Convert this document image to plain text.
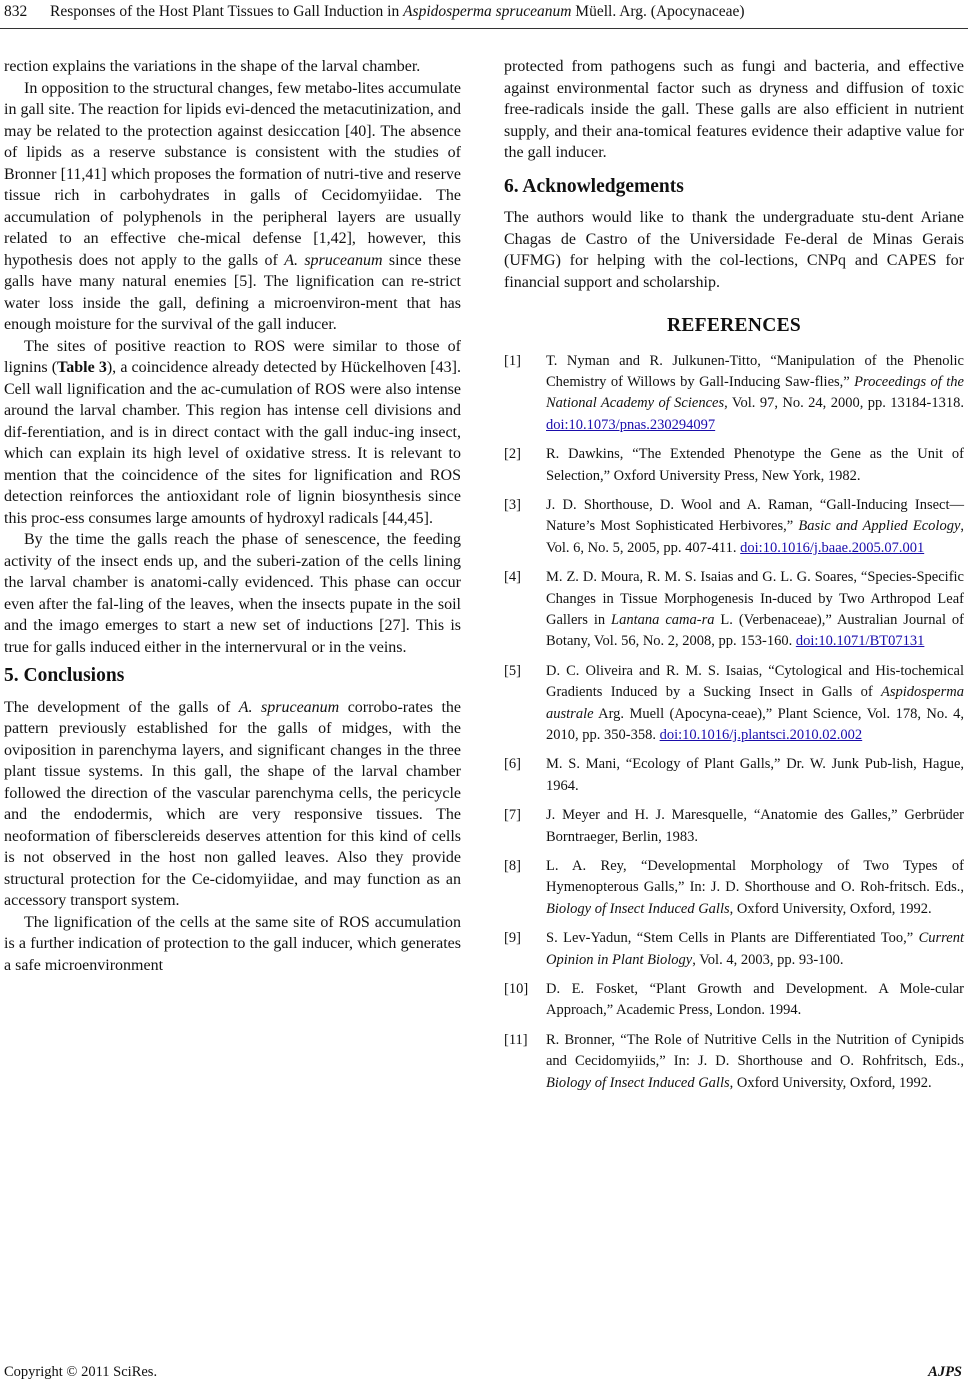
832 Responses of the Host Plant Tissues to Gall Induction in Aspidosperma spruceanum Müell. Arg. (Apocynaceae)

rection explains the variations in the shape of the larval chamber.

In opposition to the structural changes, few metabo-lites accumulate in gall site. The reaction for lipids evi-denced the metacutinization, and may be related to the protection against desiccation [40]. The absence of lipids as a reserve substance is consistent with the studies of Bronner [11,41] which proposes the formation of nutri-tive and reserve tissue rich in carbohydrates in galls of Cecidomyiidae. The accumulation of polyphenols in the peripheral layers are usually related to an effective che-mical defense [1,42], however, this hypothesis does not apply to the galls of A. spruceanum since these galls have many natural enemies [5]. The lignification can re-strict water loss inside the gall, defining a microenviron-ment that has enough moisture for the survival of the gall inducer.

The sites of positive reaction to ROS were similar to those of lignins (Table 3), a coincidence already detected by Hückelhoven [43]. Cell wall lignification and the ac-cumulation of ROS were also intense around the larval chamber. This region has intense cell divisions and dif-ferentiation, and is in direct contact with the gall induc-ing insect, which can explain its high level of oxidative stress. It is relevant to mention that the coincidence of the sites for lignification and ROS detection reinforces the antioxidant role of lignin biosynthesis since this proc-ess consumes large amounts of hydroxyl radicals [44,45].

By the time the galls reach the phase of senescence, the feeding activity of the insect ends up, and the suberi-zation of the cells lining the larval chamber is anatomi-cally evidenced. This phase can occur even after the fal-ling of the leaves, when the insects pupate in the soil and the imago emerges to start a new set of inductions [27]. This is true for galls induced either in the internervural or in the veins.

5. Conclusions

The development of the galls of A. spruceanum corrobo-rates the pattern previously established for the galls of midges, with the oviposition in parenchyma layers, and significant changes in the three plant tissue systems. In this gall, the shape of the larval chamber followed the direction of the vascular parenchyma cells, the pericycle and the endodermis, which are very responsive tissues. The neoformation of fibersclereids deserves attention for this kind of cells is not observed in the host non galled leaves. Also they provide structural protection for the Ce-cidomyiidae, and may function as an accessory transport system.

The lignification of the cells at the same site of ROS accumulation is a further indication of protection to the gall inducer, which generates a safe microenvironment

protected from pathogens such as fungi and bacteria, and effective against environmental factor such as dryness and diffusion of toxic free-radicals inside the gall. These galls are also efficient in nutrient supply, and their ana-tomical features evidence their adaptive value for the gall inducer.

6. Acknowledgements

The authors would like to thank the undergraduate stu-dent Ariane Chagas de Castro of the Universidade Fe-deral de Minas Gerais (UFMG) for helping with the col-lections, CNPq and CAPES for financial support and scholarship.

REFERENCES
[1] T. Nyman and R. Julkunen-Titto, “Manipulation of the Phenolic Chemistry of Willows by Gall-Inducing Saw-flies,” Proceedings of the National Academy of Sciences, Vol. 97, No. 24, 2000, pp. 13184-1318. doi:10.1073/pnas.230294097
[2] R. Dawkins, “The Extended Phenotype the Gene as the Unit of Selection,” Oxford University Press, New York, 1982.
[3] J. D. Shorthouse, D. Wool and A. Raman, “Gall-Inducing Insect—Nature’s Most Sophisticated Herbivores,” Basic and Applied Ecology, Vol. 6, No. 5, 2005, pp. 407-411. doi:10.1016/j.baae.2005.07.001
[4] M. Z. D. Moura, R. M. S. Isaias and G. L. G. Soares, “Species-Specific Changes in Tissue Morphogenesis In-duced by Two Arthropod Leaf Gallers in Lantana cama-ra L. (Verbenaceae),” Australian Journal of Botany, Vol. 56, No. 2, 2008, pp. 153-160. doi:10.1071/BT07131
[5] D. C. Oliveira and R. M. S. Isaias, “Cytological and His-tochemical Gradients Induced by a Sucking Insect in Galls of Aspidosperma australe Arg. Muell (Apocyna-ceae),” Plant Science, Vol. 178, No. 4, 2010, pp. 350-358. doi:10.1016/j.plantsci.2010.02.002
[6] M. S. Mani, “Ecology of Plant Galls,” Dr. W. Junk Pub-lish, Hague, 1964.
[7] J. Meyer and H. J. Maresquelle, “Anatomie des Galles,” Gerbrüder Borntraeger, Berlin, 1983.
[8] L. A. Rey, “Developmental Morphology of Two Types of Hymenopterous Galls,” In: J. D. Shorthouse and O. Roh-fritsch. Eds., Biology of Insect Induced Galls, Oxford University, Oxford, 1992.
[9] S. Lev-Yadun, “Stem Cells in Plants are Differentiated Too,” Current Opinion in Plant Biology, Vol. 4, 2003, pp. 93-100.
[10] D. E. Fosket, “Plant Growth and Development. A Mole-cular Approach,” Academic Press, London. 1994.
[11] R. Bronner, “The Role of Nutritive Cells in the Nutrition of Cynipids and Cecidomyiids,” In: J. D. Shorthouse and O. Rohfritsch, Eds., Biology of Insect Induced Galls, Oxford University, Oxford, 1992.
Copyright © 2011 SciRes.	AJPS
